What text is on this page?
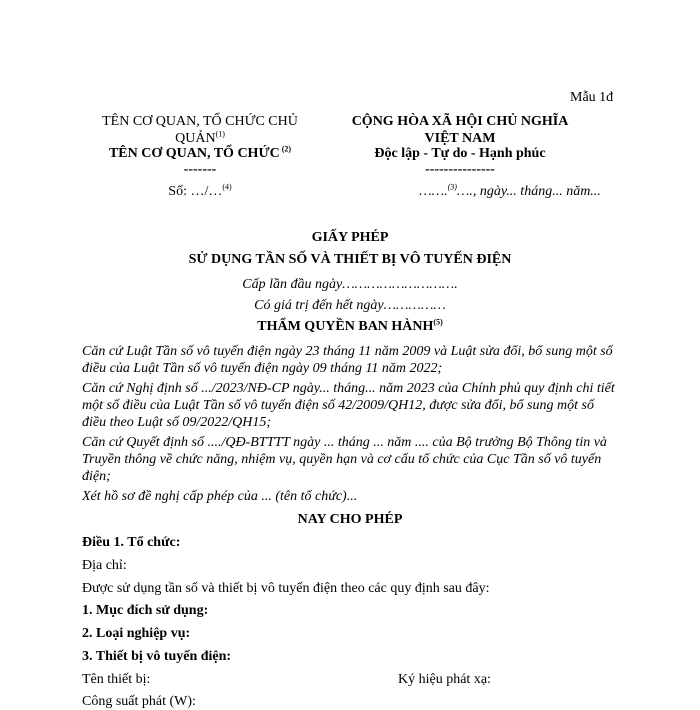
Mẫu 1đ
TÊN CƠ QUAN, TỔ CHỨC CHỦ QUẢN$^{(1)}$
TÊN CƠ QUAN, TỔ CHỨC $^{(2)}$
-------
Số: …/…$^{(4)}$
CỘNG HÒA XÃ HỘI CHỦ NGHĨA VIỆT NAM
Độc lập - Tự do - Hạnh phúc
---------------
…….$^{(3)}$…., ngày... tháng... năm...
GIẤY PHÉP
SỬ DỤNG TẦN SỐ VÀ THIẾT BỊ VÔ TUYẾN ĐIỆN
Cấp lần đầu ngày……………………….
Có giá trị đến hết ngày……………
THẨM QUYỀN BAN HÀNH$^{(5)}$
Căn cứ Luật Tần số vô tuyến điện ngày 23 tháng 11 năm 2009 và Luật sửa đổi, bổ sung một số điều của Luật Tần số vô tuyến điện ngày 09 tháng 11 năm 2022;
Căn cứ Nghị định số .../2023/NĐ-CP ngày... tháng... năm 2023 của Chính phủ quy định chi tiết một số điều của Luật Tần số vô tuyến điện số 42/2009/QH12, được sửa đổi, bổ sung một số điều theo Luật số 09/2022/QH15;
Căn cứ Quyết định số ..../QĐ-BTTTT ngày ... tháng ... năm .... của Bộ trưởng Bộ Thông tin và Truyền thông về chức năng, nhiệm vụ, quyền hạn và cơ cấu tổ chức của Cục Tần số vô tuyến điện;
Xét hồ sơ đề nghị cấp phép của ... (tên tổ chức)...
NAY CHO PHÉP
Điều 1. Tổ chức:
Địa chỉ:
Được sử dụng tần số và thiết bị vô tuyến điện theo các quy định sau đây:
1. Mục đích sử dụng:
2. Loại nghiệp vụ:
3. Thiết bị vô tuyến điện:
Tên thiết bị:	Ký hiệu phát xạ:
Công suất phát (W):
